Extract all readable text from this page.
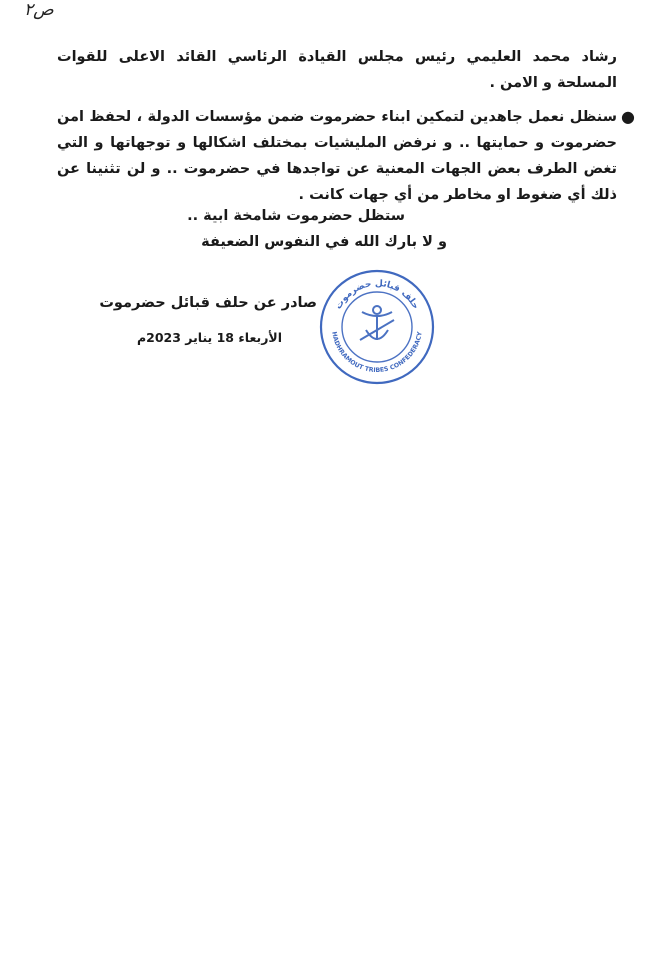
ص٢
رشاد محمد العليمي رئيس مجلس القيادة الرئاسي القائد الاعلى للقوات المسلحة و الامن .
●
سنظل نعمل جاهدين لتمكين ابناء حضرموت ضمن مؤسسات الدولة ، لحفظ امن حضرموت و حمايتها .. و نرفض المليشيات بمختلف اشكالها و توجهاتها و التي تغض الطرف بعض الجهات المعنية عن تواجدها في حضرموت .. و لن تثنينا عن ذلك أي ضغوط او مخاطر من أي جهات كانت .
ستظل حضرموت شامخة ابية ..
و لا بارك الله في النفوس الضعيفة
صادر عن حلف قبائل حضرموت
الأربعاء 18 يناير 2023م
حلف قبائل حضرموت
HADHRAMOUT TRIBES CONFEDERACY
